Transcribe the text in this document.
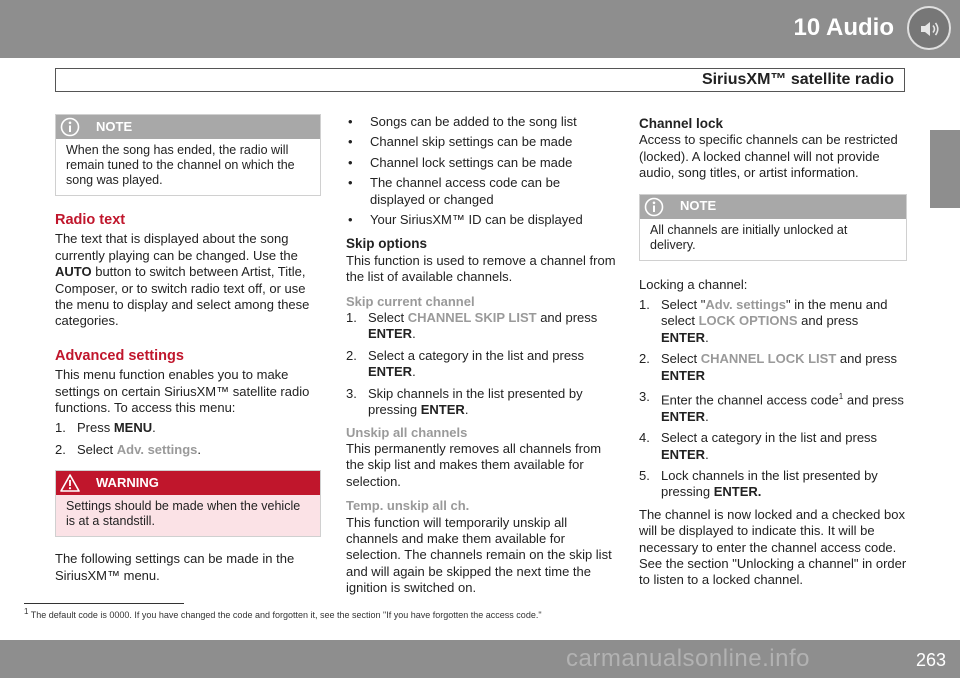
10 Audio
SiriusXM™ satellite radio
10
NOTE
When the song has ended, the radio will remain tuned to the channel on which the song was played.
Radio text

The text that is displayed about the song currently playing can be changed. Use the AUTO button to switch between Artist, Title, Composer, or to switch radio text off, or use the menu to display and select among these categories.

Advanced settings

This menu function enables you to make settings on certain SiriusXM™ satellite radio functions. To access this menu:

1. Press MENU.
2. Select Adv. settings.
WARNING
Settings should be made when the vehicle is at a standstill.

The following settings can be made in the SiriusXM™ menu.

• Songs can be added to the song list
• Channel skip settings can be made
• Channel lock settings can be made
• The channel access code can be displayed or changed
• Your SiriusXM™ ID can be displayed
Skip options

This function is used to remove a channel from the list of available channels.

Skip current channel
1. Select CHANNEL SKIP LIST and press ENTER.
2. Select a category in the list and press ENTER.
3. Skip channels in the list presented by pressing ENTER.
Unskip all channels

This permanently removes all channels from the skip list and makes them available for selection.

Temp. unskip all ch.

This function will temporarily unskip all channels and make them available for selection. The channels remain on the skip list and will again be skipped the next time the ignition is switched on.

Channel lock

Access to specific channels can be restricted (locked). A locked channel will not provide audio, song titles, or artist information.

NOTE
All channels are initially unlocked at delivery.

Locking a channel:

1. Select "Adv. settings" in the menu and select LOCK OPTIONS and press ENTER.
2. Select CHANNEL LOCK LIST and press
ENTER
3. Enter the channel access code$^1$ and press ENTER.
4. Select a category in the list and press ENTER.
5. Lock channels in the list presented by pressing ENTER.

The channel is now locked and a checked box will be displayed to indicate this. It will be necessary to enter the channel access code. See the section "Unlocking a channel" in order to listen to a locked channel.

$^1$ The default code is 0000. If you have changed the code and forgotten it, see the section "If you have forgotten the access code."
263
carmanualsonline.info
